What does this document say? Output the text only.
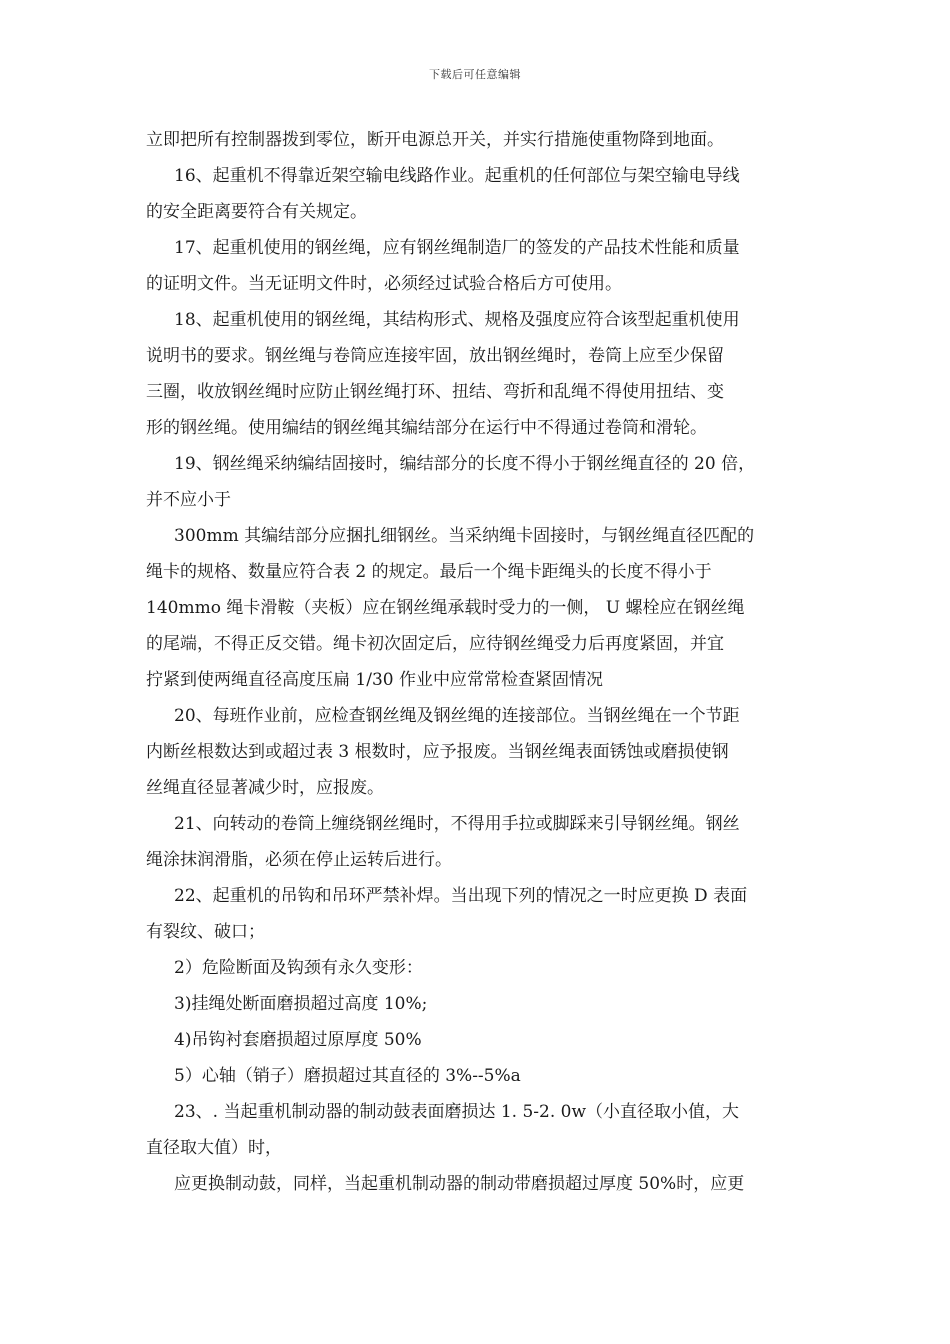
下载后可任意编辑
立即把所有控制器拨到零位，断开电源总开关，并实行措施使重物降到地面。
16、起重机不得靠近架空输电线路作业。起重机的任何部位与架空输电导线
的安全距离要符合有关规定。
17、起重机使用的钢丝绳，应有钢丝绳制造厂的签发的产品技术性能和质量
的证明文件。当无证明文件时，必须经过试验合格后方可使用。
18、起重机使用的钢丝绳，其结构形式、规格及强度应符合该型起重机使用
说明书的要求。钢丝绳与卷筒应连接牢固，放出钢丝绳时，卷筒上应至少保留
三圈，收放钢丝绳时应防止钢丝绳打环、扭结、弯折和乱绳不得使用扭结、变
形的钢丝绳。使用编结的钢丝绳其编结部分在运行中不得通过卷筒和滑轮。
19、钢丝绳采纳编结固接时，编结部分的长度不得小于钢丝绳直径的 20 倍，
并不应小于
300mm 其编结部分应捆扎细钢丝。当采纳绳卡固接时，与钢丝绳直径匹配的
绳卡的规格、数量应符合表 2 的规定。最后一个绳卡距绳头的长度不得小于
140mmo 绳卡滑鞍（夹板）应在钢丝绳承载时受力的一侧， U 螺栓应在钢丝绳
的尾端，不得正反交错。绳卡初次固定后，应待钢丝绳受力后再度紧固，并宜
拧紧到使两绳直径高度压扁 1/30 作业中应常常检查紧固情况
20、每班作业前，应检查钢丝绳及钢丝绳的连接部位。当钢丝绳在一个节距
内断丝根数达到或超过表 3 根数时，应予报废。当钢丝绳表面锈蚀或磨损使钢
丝绳直径显著减少时，应报废。
21、向转动的卷筒上缠绕钢丝绳时，不得用手拉或脚踩来引导钢丝绳。钢丝
绳涂抹润滑脂，必须在停止运转后进行。
22、起重机的吊钩和吊环严禁补焊。当出现下列的情况之一时应更换 D 表面
有裂纹、破口；
2）危险断面及钩颈有永久变形：
3)挂绳处断面磨损超过高度 10%;
4)吊钩衬套磨损超过原厚度 50%
5）心轴（销子）磨损超过其直径的 3%--5%a
23、. 当起重机制动器的制动鼓表面磨损达 1. 5-2. 0w（小直径取小值，大
直径取大值）时，
应更换制动鼓，同样，当起重机制动器的制动带磨损超过厚度 50%时，应更
